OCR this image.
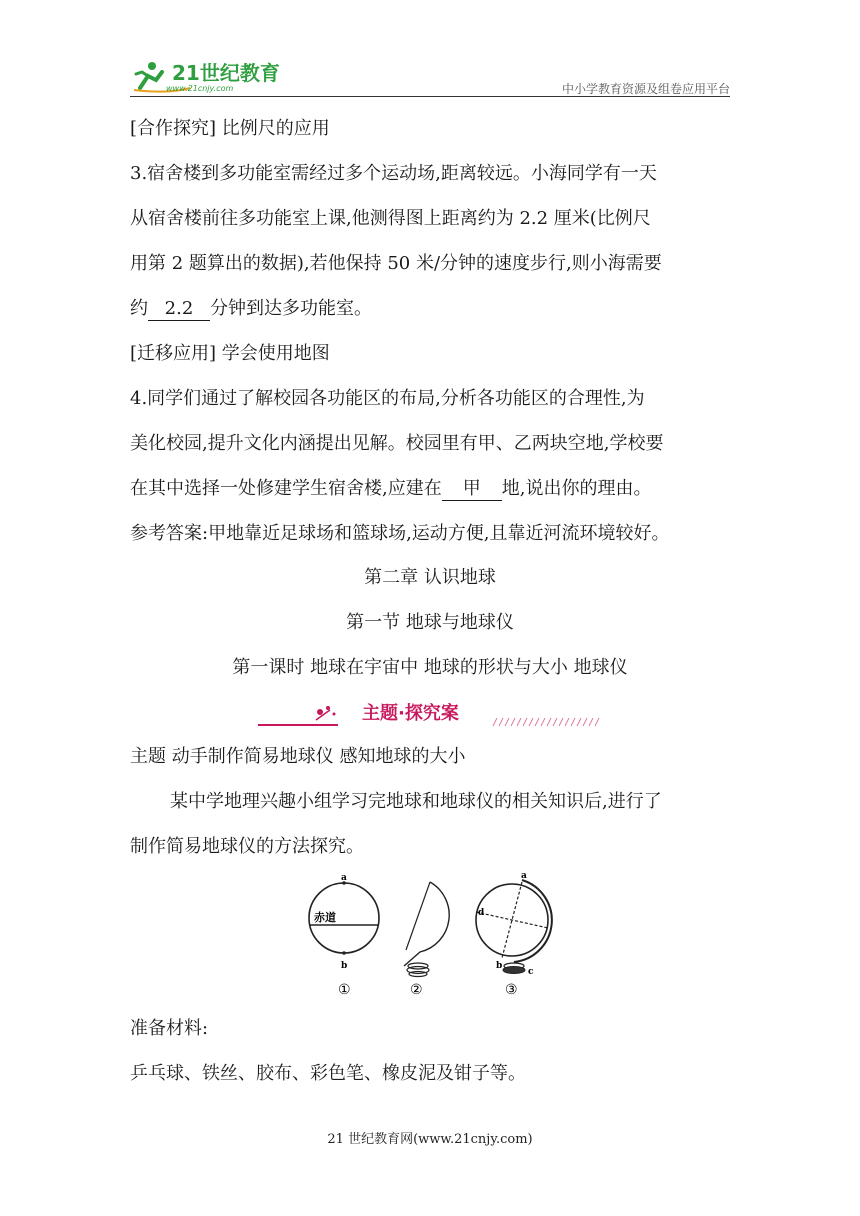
21世纪教育
www.21cnjy.com	中小学教育资源及组卷应用平台
[合作探究] 比例尺的应用
3.宿舍楼到多功能室需经过多个运动场,距离较远。小海同学有一天
从宿舍楼前往多功能室上课,他测得图上距离约为 2.2 厘米(比例尺
用第 2 题算出的数据),若他保持 50 米/分钟的速度步行,则小海需要
约 2.2 分钟到达多功能室。
[迁移应用] 学会使用地图
4.同学们通过了解校园各功能区的布局,分析各功能区的合理性,为
美化校园,提升文化内涵提出见解。校园里有甲、乙两块空地,学校要
在其中选择一处修建学生宿舍楼,应建在 甲 地,说出你的理由。
参考答案:甲地靠近足球场和篮球场,运动方便,且靠近河流环境较好。
第二章 认识地球
第一节 地球与地球仪
第一课时 地球在宇宙中 地球的形状与大小 地球仪
主题·探究案
主题 动手制作简易地球仪 感知地球的大小
某中学地理兴趣小组学习完地球和地球仪的相关知识后,进行了
制作简易地球仪的方法探究。
赤道
a
b
①	②
a
d
b
c
③
准备材料:
乒乓球、铁丝、胶布、彩色笔、橡皮泥及钳子等。
21 世纪教育网(www.21cnjy.com)
